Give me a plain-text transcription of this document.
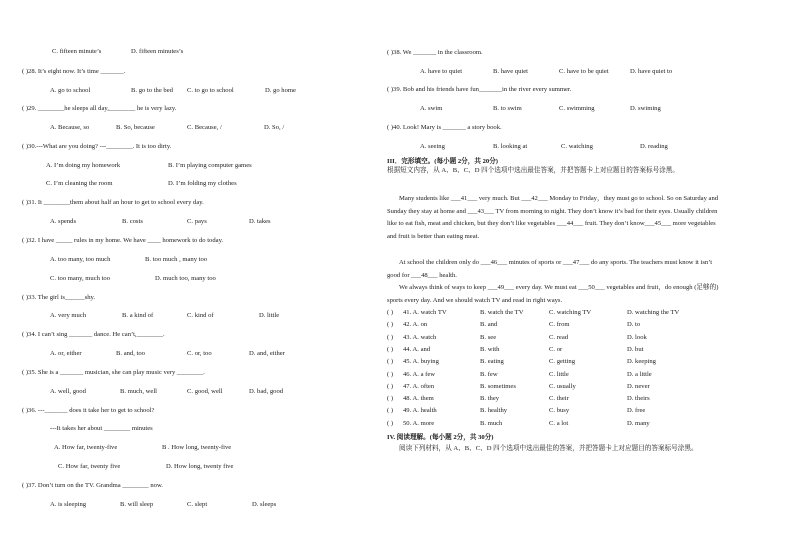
C. fifteen minute’s	D. fifteen minutes’s
( )28. It’s eight now. It’s time _______.
A. go to school	B. go to the bed C. to go to school	D. go home
( )29. ________he sleeps all day,________ he is very lazy.
A. Because, so	B. So, because	C. Because, /	D. So, /
( )30.---What are you doing? ---________. It is too dirty.
A. I’m doing my homework	B. I’m playing computer games
C. I’m cleaning the room	D. I’m folding my clothes
( )31. It ________them about half an hour to get to school every day.
A. spends	B. costs	C. pays	D. takes
( )32. I have _____ rules in my home. We have ____ homework to do today.
A. too many, too much	B. too much , many too
C. too many, much too	D. much too, many too
( )33. The girl is______shy.
A. very much	B. a kind of	C. kind of	D. little
( )34. I can’t sing _______ dance. He can’t,________.
A. or, either	B. and, too	C. or, too	D. and, either
( )35. She is a _______ musician, she can play music very ________.
A. well, good	B. much, well	C. good, well	D. bad, good
( )36. ---_______ does it take her to get to school?
---It takes her about ________ minutes
A. How far, twenty-five	B . How long, twenty-five
C. How far, twenty five	D. How long, twenty five
( )37. Don’t turn on the TV. Grandma ________ now.
A. is sleeping	B. will sleep	C. slept	D. sleeps
( )38. We _______ in the classroom.
A. have to quiet	B. have quiet	C. have to be quiet	D. have quiet to
( )39. Bob and his friends have fun_______in the river every summer.
A. swim	B. to swim	C. swimming	D. swiming
( )40. Look! Mary is _______ a story book.
A. seeing	B. looking at	C. watching	D. reading
III．完形填空。(每小题 2分，共 20分)
根据短文内容，从 A、B、C、D 四个选项中选出最佳答案，并把答题卡上对应题目的答案标号涂黑。
Many students like ___41___ very much. But ___42___ Monday to Friday，they must go to school. So on Saturday and Sunday they stay at home and ___43___ TV from morning to night. They don’t know it’s bad for their eyes. Usually children like to eat fish, meat and chicken, but they don’t like vegetables ___44___ fruit. They don’t know___45___ more vegetables and fruit is better than eating meat.
At school the children only do ___46___ minutes of sports or ___47___ do any sports. The teachers must know it isn’t good for ___48___ health.
We always think of ways to keep ___49___ every day. We must eat ___50___ vegetables and fruit，do enough (足够的) sports every day. And we should watch TV and read in right ways.
( ) 41. A. watch TV	B. watch the TV	C. watching TV	D. watching the TV
( ) 42. A. on	B. and	C. from	D. to
( ) 43. A. watch	B. see	C. read	D. look
( ) 44. A. and	B. with	C. or	D. but
( ) 45. A. buying	B. eating	C. getting	D. keeping
( ) 46. A. a few	B. few	C. little	D. a little
( ) 47. A. often	B. sometimes	C. usually	D. never
( ) 48. A. them	B. they	C. their	D. theirs
( ) 49. A. health	B. healthy	C. busy	D. free
( ) 50. A. more	B. much	C. a lot	D. many
IV. 阅读理解。(每小题 2分，共 30分)
阅读下列材料，从 A、B、C、D 四个选项中选出最佳的答案，并把答题卡上对应题目的答案标号涂黑。
